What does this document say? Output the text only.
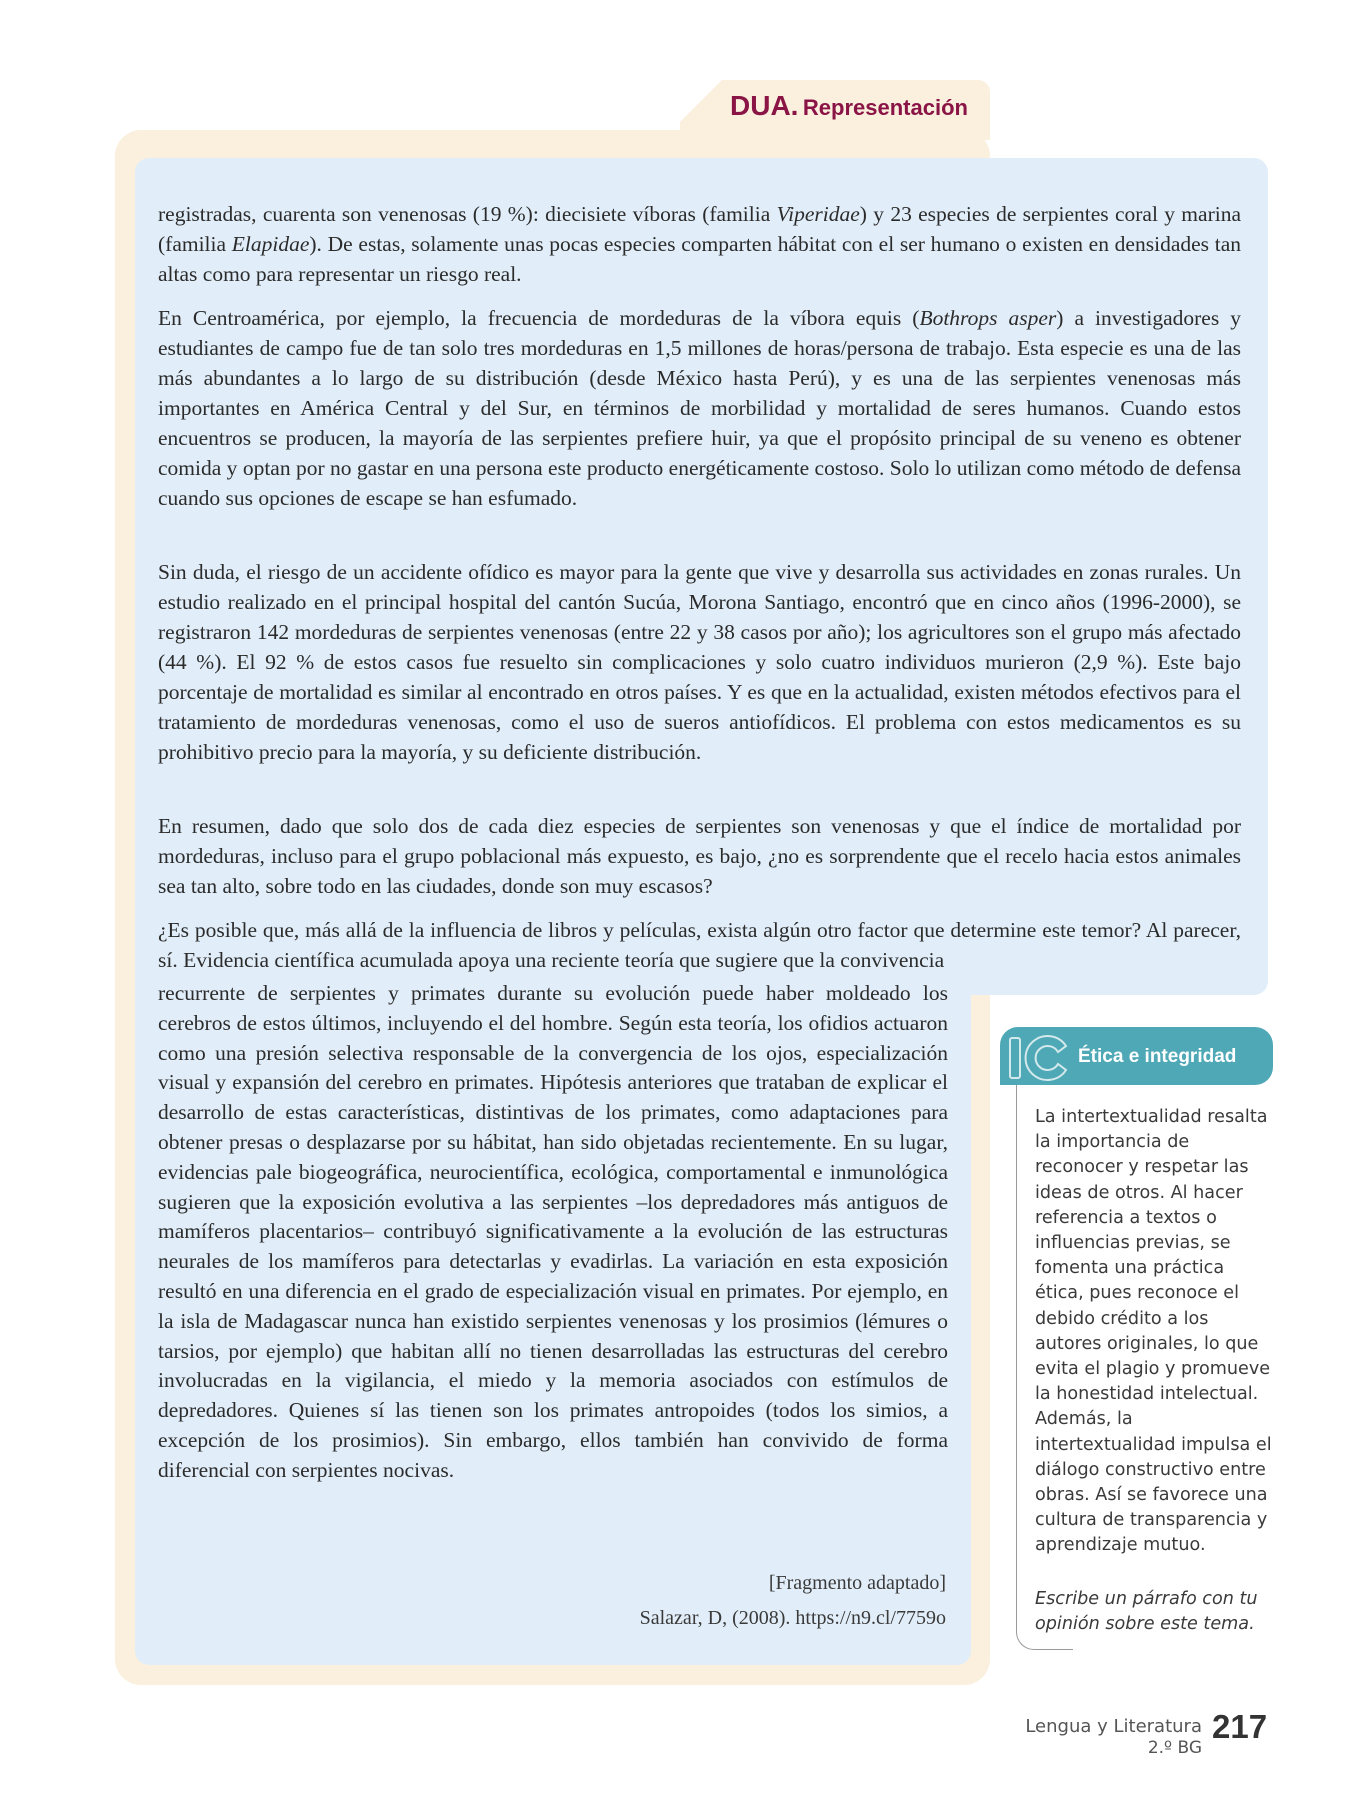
DUA. Representación

registradas, cuarenta son venenosas (19 %): diecisiete víboras (familia Viperidae) y 23 especies de serpientes coral y marina (familia Elapidae). De estas, solamente unas pocas especies comparten hábitat con el ser humano o existen en densidades tan altas como para representar un riesgo real.

En Centroamérica, por ejemplo, la frecuencia de mordeduras de la víbora equis (Bothrops asper) a investigadores y estudiantes de campo fue de tan solo tres mordeduras en 1,5 millones de horas/persona de trabajo. Esta especie es una de las más abundantes a lo largo de su distribución (desde México hasta Perú), y es una de las serpientes venenosas más importantes en América Central y del Sur, en términos de morbilidad y mortalidad de seres humanos. Cuando estos encuentros se producen, la mayoría de las serpientes prefiere huir, ya que el propósito principal de su veneno es obtener comida y optan por no gastar en una persona este producto energéticamente costoso. Solo lo utilizan como método de defensa cuando sus opciones de escape se han esfumado.

Sin duda, el riesgo de un accidente ofídico es mayor para la gente que vive y desarrolla sus actividades en zonas rurales. Un estudio realizado en el principal hospital del cantón Sucúa, Morona Santiago, encontró que en cinco años (1996-2000), se registraron 142 mordeduras de serpientes venenosas (entre 22 y 38 casos por año); los agricultores son el grupo más afectado (44 %). El 92 % de estos casos fue resuelto sin complicaciones y solo cuatro individuos murieron (2,9 %). Este bajo porcentaje de mortalidad es similar al encontrado en otros países. Y es que en la actualidad, existen métodos efectivos para el tratamiento de mordeduras venenosas, como el uso de sueros antiofídicos. El problema con estos medicamentos es su prohibitivo precio para la mayoría, y su deficiente distribución.

En resumen, dado que solo dos de cada diez especies de serpientes son venenosas y que el índice de mortalidad por mordeduras, incluso para el grupo poblacional más expuesto, es bajo, ¿no es sorprendente que el recelo hacia estos animales sea tan alto, sobre todo en las ciudades, donde son muy escasos?

¿Es posible que, más allá de la influencia de libros y películas, exista algún otro factor que determine este temor? Al parecer, sí. Evidencia científica acumulada apoya una reciente teoría que sugiere que la convivencia

recurrente de serpientes y primates durante su evolución puede haber moldeado los cerebros de estos últimos, incluyendo el del hombre. Según esta teoría, los ofidios actuaron como una presión selectiva responsable de la convergencia de los ojos, especialización visual y expansión del cerebro en primates. Hipótesis anteriores que trataban de explicar el desarrollo de estas características, distintivas de los primates, como adaptaciones para obtener presas o desplazarse por su hábitat, han sido objetadas recientemente. En su lugar, evidencias pale biogeográfica, neurocientífica, ecológica, comportamental e inmunológica sugieren que la exposición evolutiva a las serpientes –los depredadores más antiguos de mamíferos placentarios– contribuyó significativamente a la evolución de las estructuras neurales de los mamíferos para detectarlas y evadirlas. La variación en esta exposición resultó en una diferencia en el grado de especialización visual en primates. Por ejemplo, en la isla de Madagascar nunca han existido serpientes venenosas y los prosimios (lémures o tarsios, por ejemplo) que habitan allí no tienen desarrolladas las estructuras del cerebro involucradas en la vigilancia, el miedo y la memoria asociados con estímulos de depredadores. Quienes sí las tienen son los primates antropoides (todos los simios, a excepción de los prosimios). Sin embargo, ellos también han convivido de forma diferencial con serpientes nocivas.

[Fragmento adaptado]
Salazar, D, (2008). https://n9.cl/7759o
Ética e integridad

La intertextualidad resalta la importancia de reconocer y respetar las ideas de otros. Al hacer referencia a textos o influencias previas, se fomenta una práctica ética, pues reconoce el debido crédito a los autores originales, lo que evita el plagio y promueve la honestidad intelectual. Además, la intertextualidad impulsa el diálogo constructivo entre obras. Así se favorece una cultura de transparencia y aprendizaje mutuo.

Escribe un párrafo con tu opinión sobre este tema.

Lengua y Literatura
2.º BG
217
